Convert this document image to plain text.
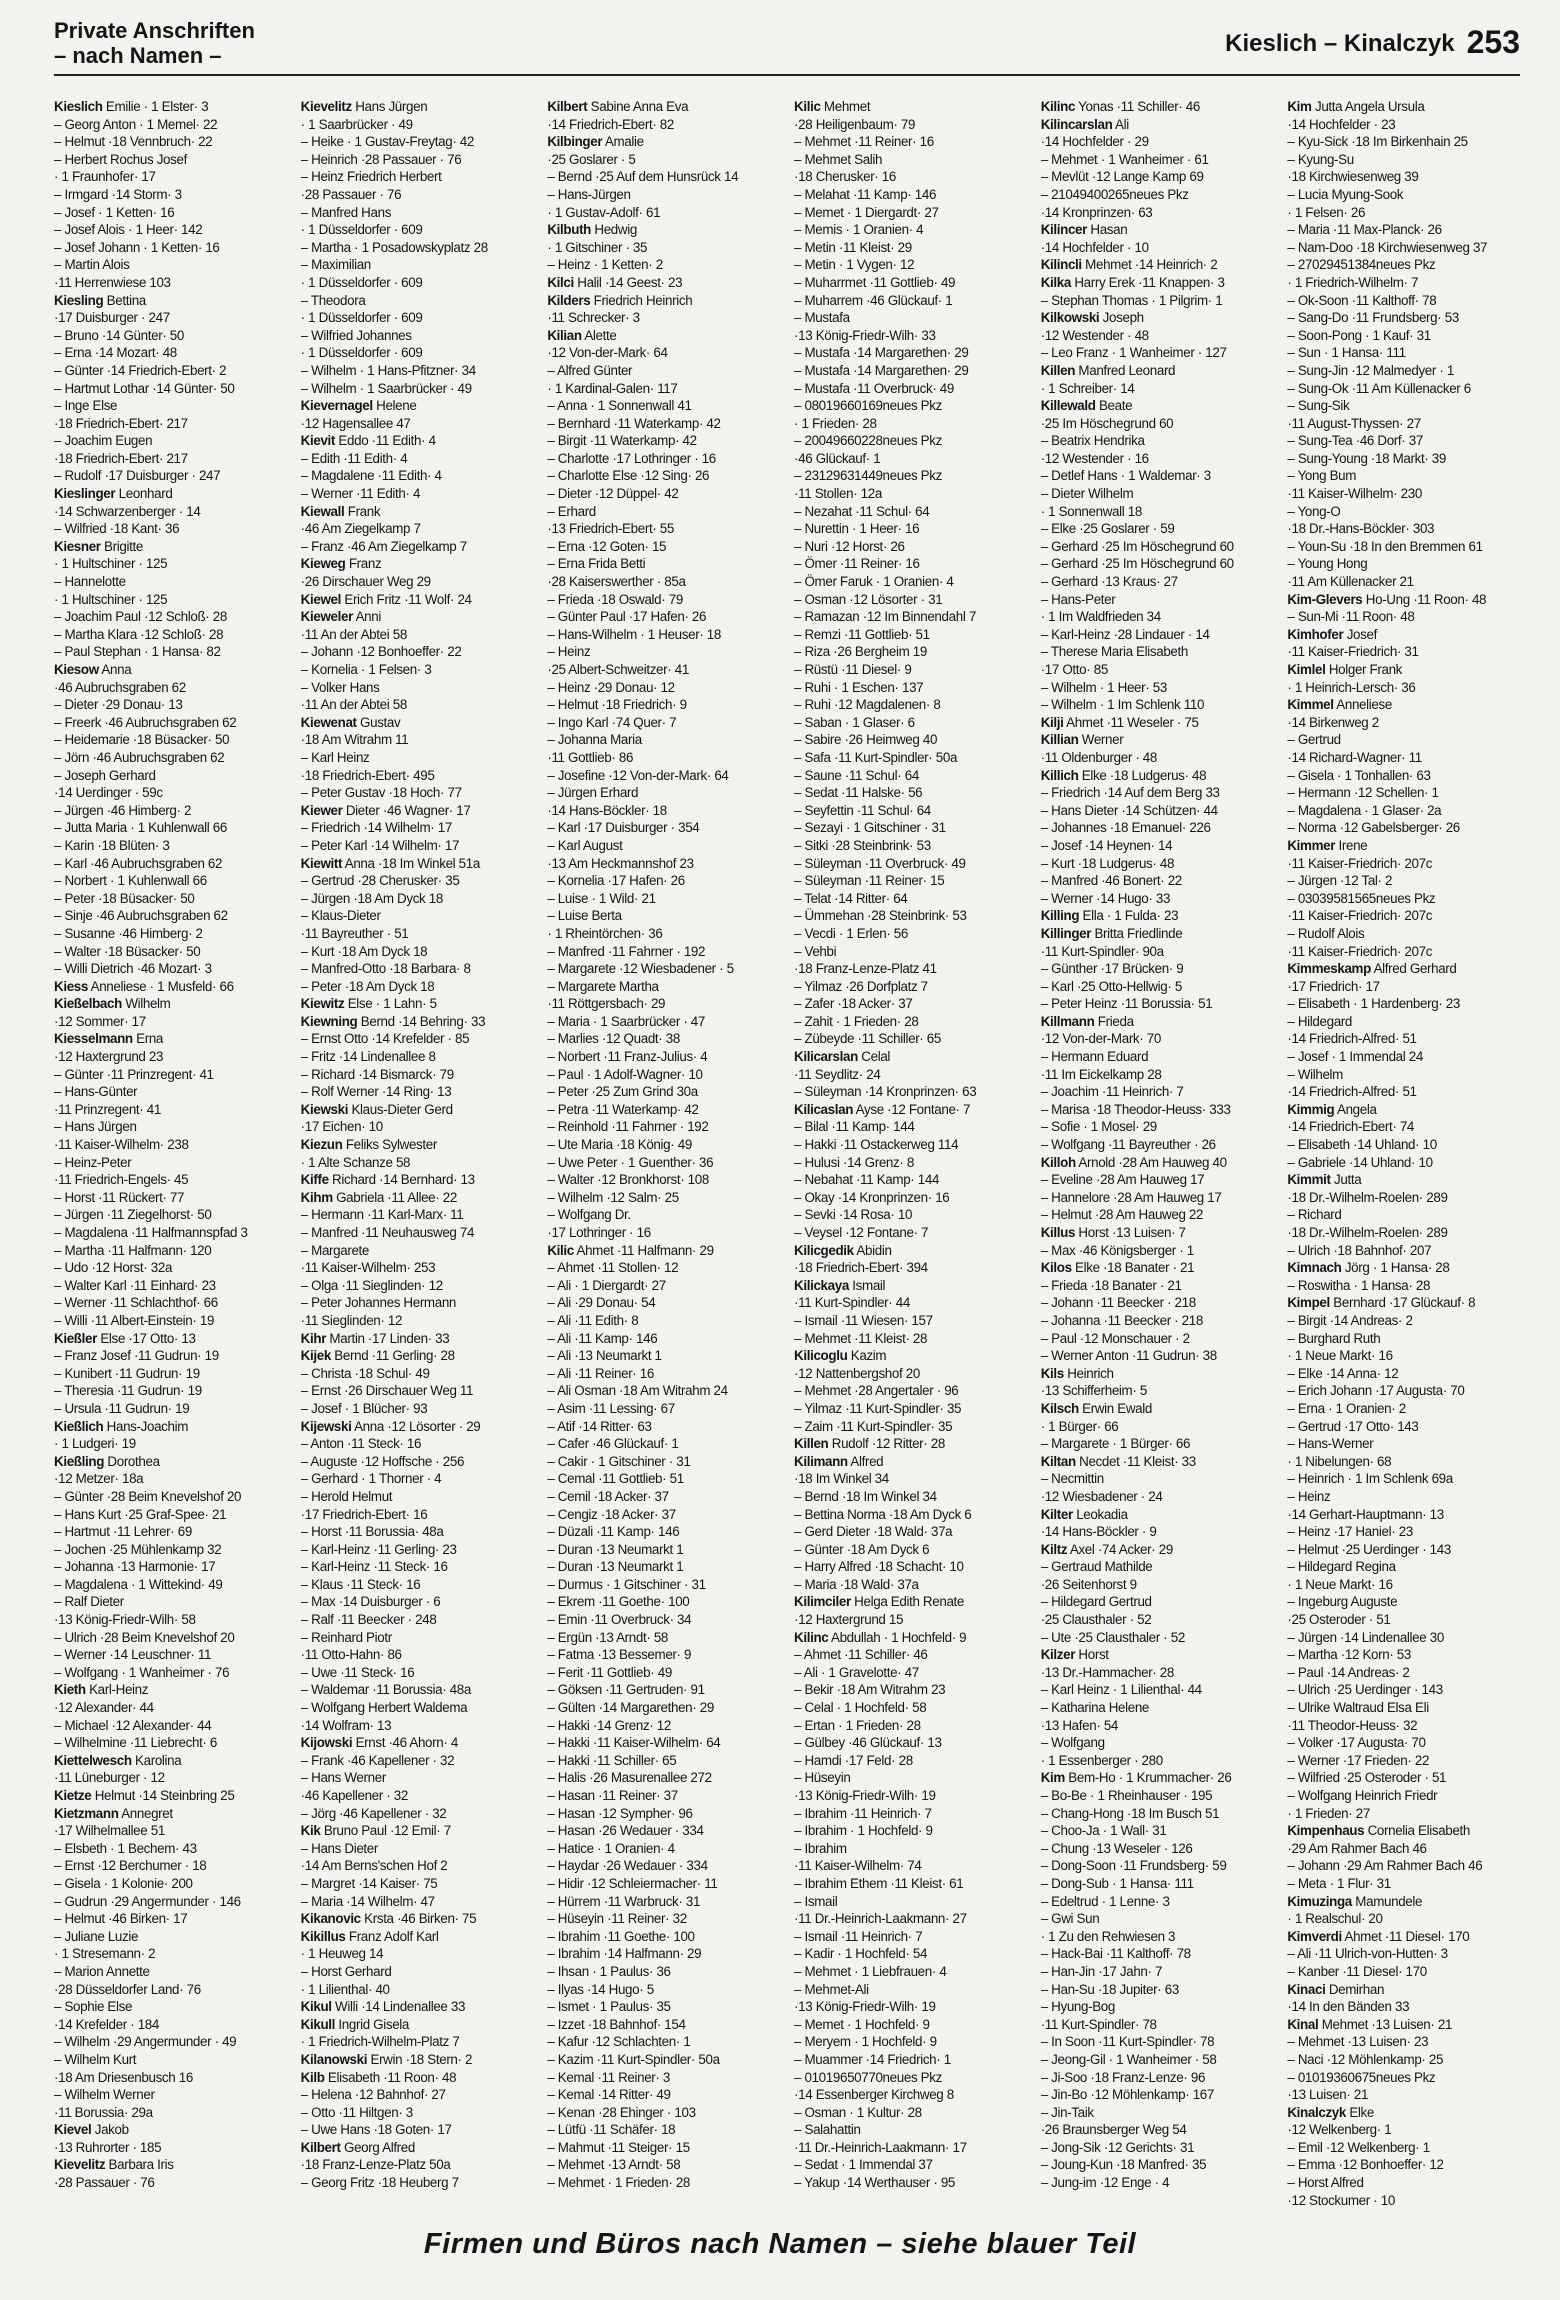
Private Anschriften
– nach Namen –	Kieslich – Kinalczyk 253
Kieslich Emilie · 1 Elster· 3
– Georg Anton · 1 Memel· 22
– Helmut ·18 Vennbruch· 22
– Herbert Rochus Josef
· 1 Fraunhofer· 17
– Irmgard ·14 Storm· 3
– Josef · 1 Ketten· 16
– Josef Alois · 1 Heer· 142
– Josef Johann · 1 Ketten· 16
– Martin Alois
·11 Herrenwiese 103
Kiesling Bettina
·17 Duisburger · 247
– Bruno ·14 Günter· 50
– Erna ·14 Mozart· 48
– Günter ·14 Friedrich-Ebert· 2
– Hartmut Lothar ·14 Günter· 50
– Inge Else
·18 Friedrich-Ebert· 217
– Joachim Eugen
·18 Friedrich-Ebert· 217
– Rudolf ·17 Duisburger · 247
Kieslinger Leonhard
·14 Schwarzenberger · 14
– Wilfried ·18 Kant· 36
Kiesner Brigitte
· 1 Hultschiner · 125
– Hannelotte
· 1 Hultschiner · 125
– Joachim Paul ·12 Schloß· 28
– Martha Klara ·12 Schloß· 28
– Paul Stephan · 1 Hansa· 82
Kiesow Anna
·46 Aubruchsgraben 62
– Dieter ·29 Donau· 13
– Freerk ·46 Aubruchsgraben 62
– Heidemarie ·18 Büsacker· 50
– Jörn ·46 Aubruchsgraben 62
– Joseph Gerhard
·14 Uerdinger · 59c
– Jürgen ·46 Himberg· 2
– Jutta Maria · 1 Kuhlenwall 66
– Karin ·18 Blüten· 3
– Karl ·46 Aubruchsgraben 62
– Norbert · 1 Kuhlenwall 66
– Peter ·18 Büsacker· 50
– Sinje ·46 Aubruchsgraben 62
– Susanne ·46 Himberg· 2
– Walter ·18 Büsacker· 50
– Willi Dietrich ·46 Mozart· 3
Kiess Anneliese · 1 Musfeld· 66
Kießelbach Wilhelm
·12 Sommer· 17
Kiesselmann Erna
·12 Haxtergrund 23
– Günter ·11 Prinzregent· 41
– Hans-Günter
·11 Prinzregent· 41
– Hans Jürgen
·11 Kaiser-Wilhelm· 238
– Heinz-Peter
·11 Friedrich-Engels· 45
– Horst ·11 Rückert· 77
– Jürgen ·11 Ziegelhorst· 50
– Magdalena ·11 Halfmannspfad 3
– Martha ·11 Halfmann· 120
– Udo ·12 Horst· 32a
– Walter Karl ·11 Einhard· 23
– Werner ·11 Schlachthof· 66
– Willi ·11 Albert-Einstein· 19
Kießler Else ·17 Otto· 13
– Franz Josef ·11 Gudrun· 19
– Kunibert ·11 Gudrun· 19
– Theresia ·11 Gudrun· 19
– Ursula ·11 Gudrun· 19
Kießlich Hans-Joachim
· 1 Ludgeri· 19
Kießling Dorothea
·12 Metzer· 18a
– Günter ·28 Beim Knevelshof 20
– Hans Kurt ·25 Graf-Spee· 21
– Hartmut ·11 Lehrer· 69
– Jochen ·25 Mühlenkamp 32
– Johanna ·13 Harmonie· 17
– Magdalena · 1 Wittekind· 49
– Ralf Dieter
·13 König-Friedr-Wilh· 58
– Ulrich ·28 Beim Knevelshof 20
– Werner ·14 Leuschner· 11
– Wolfgang · 1 Wanheimer · 76
Kieth Karl-Heinz
·12 Alexander· 44
– Michael ·12 Alexander· 44
– Wilhelmine ·11 Liebrecht· 6
Kiettelwesch Karolina
·11 Lüneburger · 12
Kietze Helmut ·14 Steinbring 25
Kietzmann Annegret
·17 Wilhelmallee 51
– Elsbeth · 1 Bechem· 43
– Ernst ·12 Berchumer · 18
– Gisela · 1 Kolonie· 200
– Gudrun ·29 Angermunder · 146
– Helmut ·46 Birken· 17
– Juliane Luzie
· 1 Stresemann· 2
– Marion Annette
·28 Düsseldorfer Land· 76
– Sophie Else
·14 Krefelder · 184
– Wilhelm ·29 Angermunder · 49
– Wilhelm Kurt
·18 Am Driesenbusch 16
– Wilhelm Werner
·11 Borussia· 29a
Kievel Jakob
·13 Ruhrorter · 185
Kievelitz Barbara Iris
·28 Passauer · 76
Kievelitz Hans Jürgen
· 1 Saarbrücker · 49
– Heike · 1 Gustav-Freytag· 42
– Heinrich ·28 Passauer · 76
– Heinz Friedrich Herbert
·28 Passauer · 76
– Manfred Hans
· 1 Düsseldorfer · 609
– Martha · 1 Posadowskyplatz 28
– Maximilian
· 1 Düsseldorfer · 609
– Theodora
· 1 Düsseldorfer · 609
– Wilfried Johannes
· 1 Düsseldorfer · 609
– Wilhelm · 1 Hans-Pfitzner· 34
– Wilhelm · 1 Saarbrücker · 49
Kievernagel Helene
·12 Hagensallee 47
Kievit Eddo ·11 Edith· 4
– Edith ·11 Edith· 4
– Magdalene ·11 Edith· 4
– Werner ·11 Edith· 4
Kiewall Frank
·46 Am Ziegelkamp 7
– Franz ·46 Am Ziegelkamp 7
Kieweg Franz
·26 Dirschauer Weg 29
Kiewel Erich Fritz ·11 Wolf· 24
Kieweler Anni
·11 An der Abtei 58
– Johann ·12 Bonhoeffer· 22
– Kornelia · 1 Felsen· 3
– Volker Hans
·11 An der Abtei 58
Kiewenat Gustav
·18 Am Witrahm 11
– Karl Heinz
·18 Friedrich-Ebert· 495
– Peter Gustav ·18 Hoch· 77
Kiewer Dieter ·46 Wagner· 17
– Friedrich ·14 Wilhelm· 17
– Peter Karl ·14 Wilhelm· 17
Kiewitt Anna ·18 Im Winkel 51a
– Gertrud ·28 Cherusker· 35
– Jürgen ·18 Am Dyck 18
– Klaus-Dieter
·11 Bayreuther · 51
– Kurt ·18 Am Dyck 18
– Manfred-Otto ·18 Barbara· 8
– Peter ·18 Am Dyck 18
Kiewitz Else · 1 Lahn· 5
Kiewning Bernd ·14 Behring· 33
– Ernst Otto ·14 Krefelder · 85
– Fritz ·14 Lindenallee 8
– Richard ·14 Bismarck· 79
– Rolf Werner ·14 Ring· 13
Kiewski Klaus-Dieter Gerd
·17 Eichen· 10
Kiezun Feliks Sylwester
· 1 Alte Schanze 58
Kiffe Richard ·14 Bernhard· 13
Kihm Gabriela ·11 Allee· 22
– Hermann ·11 Karl-Marx· 11
– Manfred ·11 Neuhausweg 74
– Margarete
·11 Kaiser-Wilhelm· 253
– Olga ·11 Sieglinden· 12
– Peter Johannes Hermann
·11 Sieglinden· 12
Kihr Martin ·17 Linden· 33
Kijek Bernd ·11 Gerling· 28
– Christa ·18 Schul· 49
– Ernst ·26 Dirschauer Weg 11
– Josef · 1 Blücher· 93
Kijewski Anna ·12 Lösorter · 29
– Anton ·11 Steck· 16
– Auguste ·12 Hoffsche · 256
– Gerhard · 1 Thorner · 4
– Herold Helmut
·17 Friedrich-Ebert· 16
– Horst ·11 Borussia· 48a
– Karl-Heinz ·11 Gerling· 23
– Karl-Heinz ·11 Steck· 16
– Klaus ·11 Steck· 16
– Max ·14 Duisburger · 6
– Ralf ·11 Beecker · 248
– Reinhard Piotr
·11 Otto-Hahn· 86
– Uwe ·11 Steck· 16
– Waldemar ·11 Borussia· 48a
– Wolfgang Herbert Waldema
·14 Wolfram· 13
Kijowski Ernst ·46 Ahorn· 4
– Frank ·46 Kapellener · 32
– Hans Werner
·46 Kapellener · 32
– Jörg ·46 Kapellener · 32
Kik Bruno Paul ·12 Emil· 7
– Hans Dieter
·14 Am Berns'schen Hof 2
– Margret ·14 Kaiser· 75
– Maria ·14 Wilhelm· 47
Kikanovic Krsta ·46 Birken· 75
Kikillus Franz Adolf Karl
· 1 Heuweg 14
– Horst Gerhard
· 1 Lilienthal· 40
Kikul Willi ·14 Lindenallee 33
Kikull Ingrid Gisela
· 1 Friedrich-Wilhelm-Platz 7
Kilanowski Erwin ·18 Stern· 2
Kilb Elisabeth ·11 Roon· 48
– Helena ·12 Bahnhof· 27
– Otto ·11 Hiltgen· 3
– Uwe Hans ·18 Goten· 17
Kilbert Georg Alfred
·18 Franz-Lenze-Platz 50a
– Georg Fritz ·18 Heuberg 7
Kilbert Sabine Anna Eva
·14 Friedrich-Ebert· 82
Kilbinger Amalie
·25 Goslarer · 5
– Bernd ·25 Auf dem Hunsrück 14
– Hans-Jürgen
· 1 Gustav-Adolf· 61
Kilbuth Hedwig
· 1 Gitschiner · 35
– Heinz · 1 Ketten· 2
Kilci Halil ·14 Geest· 23
Kilders Friedrich Heinrich
·11 Schrecker· 3
Kilian Alette
·12 Von-der-Mark· 64
– Alfred Günter
· 1 Kardinal-Galen· 117
– Anna · 1 Sonnenwall 41
– Bernhard ·11 Waterkamp· 42
– Birgit ·11 Waterkamp· 42
– Charlotte ·17 Lothringer · 16
– Charlotte Else ·12 Sing· 26
– Dieter ·12 Düppel· 42
– Erhard
·13 Friedrich-Ebert· 55
– Erna ·12 Goten· 15
– Erna Frida Betti
·28 Kaiserswerther · 85a
– Frieda ·18 Oswald· 79
– Günter Paul ·17 Hafen· 26
– Hans-Wilhelm · 1 Heuser· 18
– Heinz
·25 Albert-Schweitzer· 41
– Heinz ·29 Donau· 12
– Helmut ·18 Friedrich· 9
– Ingo Karl ·74 Quer· 7
– Johanna Maria
·11 Gottlieb· 86
– Josefine ·12 Von-der-Mark· 64
– Jürgen Erhard
·14 Hans-Böckler· 18
– Karl ·17 Duisburger · 354
– Karl August
·13 Am Heckmannshof 23
– Kornelia ·17 Hafen· 26
– Luise · 1 Wild· 21
– Luise Berta
· 1 Rheintörchen· 36
– Manfred ·11 Fahrner · 192
– Margarete ·12 Wiesbadener · 5
– Margarete Martha
·11 Röttgersbach· 29
– Maria · 1 Saarbrücker · 47
– Marlies ·12 Quadt· 38
– Norbert ·11 Franz-Julius· 4
– Paul · 1 Adolf-Wagner· 10
– Peter ·25 Zum Grind 30a
– Petra ·11 Waterkamp· 42
– Reinhold ·11 Fahrner · 192
– Ute Maria ·18 König· 49
– Uwe Peter · 1 Guenther· 36
– Walter ·12 Bronkhorst· 108
– Wilhelm ·12 Salm· 25
– Wolfgang Dr.
·17 Lothringer · 16
Kilic Ahmet ·11 Halfmann· 29
– Ahmet ·11 Stollen· 12
– Ali · 1 Diergardt· 27
– Ali ·29 Donau· 54
– Ali ·11 Edith· 8
– Ali ·11 Kamp· 146
– Ali ·13 Neumarkt 1
– Ali ·11 Reiner· 16
– Ali Osman ·18 Am Witrahm 24
– Asim ·11 Lessing· 67
– Atif ·14 Ritter· 63
– Cafer ·46 Glückauf· 1
– Cakir · 1 Gitschiner · 31
– Cemal ·11 Gottlieb· 51
– Cemil ·18 Acker· 37
– Cengiz ·18 Acker· 37
– Düzali ·11 Kamp· 146
– Duran ·13 Neumarkt 1
– Duran ·13 Neumarkt 1
– Durmus · 1 Gitschiner · 31
– Ekrem ·11 Goethe· 100
– Emin ·11 Overbruck· 34
– Ergün ·13 Arndt· 58
– Fatma ·13 Bessemer· 9
– Ferit ·11 Gottlieb· 49
– Göksen ·11 Gertruden· 91
– Gülten ·14 Margarethen· 29
– Hakki ·14 Grenz· 12
– Hakki ·11 Kaiser-Wilhelm· 64
– Hakki ·11 Schiller· 65
– Halis ·26 Masurenallee 272
– Hasan ·11 Reiner· 37
– Hasan ·12 Sympher· 96
– Hasan ·26 Wedauer · 334
– Hatice · 1 Oranien· 4
– Haydar ·26 Wedauer · 334
– Hidir ·12 Schleiermacher· 11
– Hürrem ·11 Warbruck· 31
– Hüseyin ·11 Reiner· 32
– Ibrahim ·11 Goethe· 100
– Ibrahim ·14 Halfmann· 29
– Ihsan · 1 Paulus· 36
– Ilyas ·14 Hugo· 5
– Ismet · 1 Paulus· 35
– Izzet ·18 Bahnhof· 154
– Kafur ·12 Schlachten· 1
– Kazim ·11 Kurt-Spindler· 50a
– Kemal ·11 Reiner· 3
– Kemal ·14 Ritter· 49
– Kenan ·28 Ehinger · 103
– Lütfü ·11 Schäfer· 18
– Mahmut ·11 Steiger· 15
– Mehmet ·13 Arndt· 58
– Mehmet · 1 Frieden· 28
Kilic Mehmet
·28 Heiligenbaum· 79
– Mehmet ·11 Reiner· 16
– Mehmet Salih
·18 Cherusker· 16
– Melahat ·11 Kamp· 146
– Memet · 1 Diergardt· 27
– Memis · 1 Oranien· 4
– Metin ·11 Kleist· 29
– Metin · 1 Vygen· 12
– Muharrmet ·11 Gottlieb· 49
– Muharrem ·46 Glückauf· 1
– Mustafa
·13 König-Friedr-Wilh· 33
– Mustafa ·14 Margarethen· 29
– Mustafa ·14 Margarethen· 29
– Mustafa ·11 Overbruck· 49
– 08019660169neues Pkz
· 1 Frieden· 28
– 20049660228neues Pkz
·46 Glückauf· 1
– 23129631449neues Pkz
·11 Stollen· 12a
– Nezahat ·11 Schul· 64
– Nurettin · 1 Heer· 16
– Nuri ·12 Horst· 26
– Ömer ·11 Reiner· 16
– Ömer Faruk · 1 Oranien· 4
– Osman ·12 Lösorter · 31
– Ramazan ·12 Im Binnendahl 7
– Remzi ·11 Gottlieb· 51
– Riza ·26 Bergheim 19
– Rüstü ·11 Diesel· 9
– Ruhi · 1 Eschen· 137
– Ruhi ·12 Magdalenen· 8
– Saban · 1 Glaser· 6
– Sabire ·26 Heimweg 40
– Safa ·11 Kurt-Spindler· 50a
– Saune ·11 Schul· 64
– Sedat ·11 Halske· 56
– Seyfettin ·11 Schul· 64
– Sezayi · 1 Gitschiner · 31
– Sitki ·28 Steinbrink· 53
– Süleyman ·11 Overbruck· 49
– Süleyman ·11 Reiner· 15
– Telat ·14 Ritter· 64
– Ümmehan ·28 Steinbrink· 53
– Vecdi · 1 Erlen· 56
– Vehbi
·18 Franz-Lenze-Platz 41
– Yilmaz ·26 Dorfplatz 7
– Zafer ·18 Acker· 37
– Zahit · 1 Frieden· 28
– Zübeyde ·11 Schiller· 65
Kilicarslan Celal
·11 Seydlitz· 24
– Süleyman ·14 Kronprinzen· 63
Kilicaslan Ayse ·12 Fontane· 7
– Bilal ·11 Kamp· 144
– Hakki ·11 Ostackerweg 114
– Hulusi ·14 Grenz· 8
– Nebahat ·11 Kamp· 144
– Okay ·14 Kronprinzen· 16
– Sevki ·14 Rosa· 10
– Veysel ·12 Fontane· 7
Kilicgedik Abidin
·18 Friedrich-Ebert· 394
Kilickaya Ismail
·11 Kurt-Spindler· 44
– Ismail ·11 Wiesen· 157
– Mehmet ·11 Kleist· 28
Kilicoglu Kazim
·12 Nattenbergshof 20
– Mehmet ·28 Angertaler · 96
– Yilmaz ·11 Kurt-Spindler· 35
– Zaim ·11 Kurt-Spindler· 35
Killen Rudolf ·12 Ritter· 28
Kilimann Alfred
·18 Im Winkel 34
– Bernd ·18 Im Winkel 34
– Bettina Norma ·18 Am Dyck 6
– Gerd Dieter ·18 Wald· 37a
– Günter ·18 Am Dyck 6
– Harry Alfred ·18 Schacht· 10
– Maria ·18 Wald· 37a
Kilimciler Helga Edith Renate
·12 Haxtergrund 15
Kilinc Abdullah · 1 Hochfeld· 9
– Ahmet ·11 Schiller· 46
– Ali · 1 Gravelotte· 47
– Bekir ·18 Am Witrahm 23
– Celal · 1 Hochfeld· 58
– Ertan · 1 Frieden· 28
– Gülbey ·46 Glückauf· 13
– Hamdi ·17 Feld· 28
– Hüseyin
·13 König-Friedr-Wilh· 19
– Ibrahim ·11 Heinrich· 7
– Ibrahim · 1 Hochfeld· 9
– Ibrahim
·11 Kaiser-Wilhelm· 74
– Ibrahim Ethem ·11 Kleist· 61
– Ismail
·11 Dr.-Heinrich-Laakmann· 27
– Ismail ·11 Heinrich· 7
– Kadir · 1 Hochfeld· 54
– Mehmet · 1 Liebfrauen· 4
– Mehmet-Ali
·13 König-Friedr-Wilh· 19
– Memet · 1 Hochfeld· 9
– Meryem · 1 Hochfeld· 9
– Muammer ·14 Friedrich· 1
– 01019650770neues Pkz
·14 Essenberger Kirchweg 8
– Osman · 1 Kultur· 28
– Salahattin
·11 Dr.-Heinrich-Laakmann· 17
– Sedat · 1 Immendal 37
– Yakup ·14 Werthauser · 95
Kilinc Yonas ·11 Schiller· 46
Kilincarslan Ali
·14 Hochfelder · 29
– Mehmet · 1 Wanheimer · 61
– Mevlüt ·12 Lange Kamp 69
– 21049400265neues Pkz
·14 Kronprinzen· 63
Kilincer Hasan
·14 Hochfelder · 10
Kilincli Mehmet ·14 Heinrich· 2
Kilka Harry Erek ·11 Knappen· 3
– Stephan Thomas · 1 Pilgrim· 1
Kilkowski Joseph
·12 Westender · 48
– Leo Franz · 1 Wanheimer · 127
Killen Manfred Leonard
· 1 Schreiber· 14
Killewald Beate
·25 Im Höschegrund 60
– Beatrix Hendrika
·12 Westender · 16
– Detlef Hans · 1 Waldemar· 3
– Dieter Wilhelm
· 1 Sonnenwall 18
– Elke ·25 Goslarer · 59
– Gerhard ·25 Im Höschegrund 60
– Gerhard ·25 Im Höschegrund 60
– Gerhard ·13 Kraus· 27
– Hans-Peter
· 1 Im Waldfrieden 34
– Karl-Heinz ·28 Lindauer · 14
– Therese Maria Elisabeth
·17 Otto· 85
– Wilhelm · 1 Heer· 53
– Wilhelm · 1 Im Schlenk 110
Kilji Ahmet ·11 Weseler · 75
Killian Werner
·11 Oldenburger · 48
Killich Elke ·18 Ludgerus· 48
– Friedrich ·14 Auf dem Berg 33
– Hans Dieter ·14 Schützen· 44
– Johannes ·18 Emanuel· 226
– Josef ·14 Heynen· 14
– Kurt ·18 Ludgerus· 48
– Manfred ·46 Bonert· 22
– Werner ·14 Hugo· 33
Killing Ella · 1 Fulda· 23
Killinger Britta Friedlinde
·11 Kurt-Spindler· 90a
– Günther ·17 Brücken· 9
– Karl ·25 Otto-Hellwig· 5
– Peter Heinz ·11 Borussia· 51
Killmann Frieda
·12 Von-der-Mark· 70
– Hermann Eduard
·11 Im Eickelkamp 28
– Joachim ·11 Heinrich· 7
– Marisa ·18 Theodor-Heuss· 333
– Sofie · 1 Mosel· 29
– Wolfgang ·11 Bayreuther · 26
Killoh Arnold ·28 Am Hauweg 40
– Eveline ·28 Am Hauweg 17
– Hannelore ·28 Am Hauweg 17
– Helmut ·28 Am Hauweg 22
Killus Horst ·13 Luisen· 7
– Max ·46 Königsberger · 1
Kilos Elke ·18 Banater · 21
– Frieda ·18 Banater · 21
– Johann ·11 Beecker · 218
– Johanna ·11 Beecker · 218
– Paul ·12 Monschauer · 2
– Werner Anton ·11 Gudrun· 38
Kils Heinrich
·13 Schifferheim· 5
Kilsch Erwin Ewald
· 1 Bürger· 66
– Margarete · 1 Bürger· 66
Kiltan Necdet ·11 Kleist· 33
– Necmittin
·12 Wiesbadener · 24
Kilter Leokadia
·14 Hans-Böckler · 9
Kiltz Axel ·74 Acker· 29
– Gertraud Mathilde
·26 Seitenhorst 9
– Hildegard Gertrud
·25 Clausthaler · 52
– Ute ·25 Clausthaler · 52
Kilzer Horst
·13 Dr.-Hammacher· 28
– Karl Heinz · 1 Lilienthal· 44
– Katharina Helene
·13 Hafen· 54
– Wolfgang
· 1 Essenberger · 280
Kim Bem-Ho · 1 Krummacher· 26
– Bo-Be · 1 Rheinhauser · 195
– Chang-Hong ·18 Im Busch 51
– Choo-Ja · 1 Wall· 31
– Chung ·13 Weseler · 126
– Dong-Soon ·11 Frundsberg· 59
– Dong-Sub · 1 Hansa· 111
– Edeltrud · 1 Lenne· 3
– Gwi Sun
· 1 Zu den Rehwiesen 3
– Hack-Bai ·11 Kalthoff· 78
– Han-Jin ·17 Jahn· 7
– Han-Su ·18 Jupiter· 63
– Hyung-Bog
·11 Kurt-Spindler· 78
– In Soon ·11 Kurt-Spindler· 78
– Jeong-Gil · 1 Wanheimer · 58
– Ji-Soo ·18 Franz-Lenze· 96
– Jin-Bo ·12 Möhlenkamp· 167
– Jin-Taik
·26 Braunsberger Weg 54
– Jong-Sik ·12 Gerichts· 31
– Joung-Kun ·18 Manfred· 35
– Jung-im ·12 Enge · 4
Kim Jutta Angela Ursula
·14 Hochfelder · 23
– Kyu-Sick ·18 Im Birkenhain 25
– Kyung-Su
·18 Kirchwiesenweg 39
– Lucia Myung-Sook
· 1 Felsen· 26
– Maria ·11 Max-Planck· 26
– Nam-Doo ·18 Kirchwiesenweg 37
– 27029451384neues Pkz
· 1 Friedrich-Wilhelm· 7
– Ok-Soon ·11 Kalthoff· 78
– Sang-Do ·11 Frundsberg· 53
– Soon-Pong · 1 Kauf· 31
– Sun · 1 Hansa· 111
– Sung-Jin ·12 Malmedyer · 1
– Sung-Ok ·11 Am Küllenacker 6
– Sung-Sik
·11 August-Thyssen· 27
– Sung-Tea ·46 Dorf· 37
– Sung-Young ·18 Markt· 39
– Yong Bum
·11 Kaiser-Wilhelm· 230
– Yong-O
·18 Dr.-Hans-Böckler· 303
– Youn-Su ·18 In den Bremmen 61
– Young Hong
·11 Am Küllenacker 21
Kim-Glevers Ho-Ung ·11 Roon· 48
– Sun-Mi ·11 Roon· 48
Kimhofer Josef
·11 Kaiser-Friedrich· 31
Kimlel Holger Frank
· 1 Heinrich-Lersch· 36
Kimmel Anneliese
·14 Birkenweg 2
– Gertrud
·14 Richard-Wagner· 11
– Gisela · 1 Tonhallen· 63
– Hermann ·12 Schellen· 1
– Magdalena · 1 Glaser· 2a
– Norma ·12 Gabelsberger· 26
Kimmer Irene
·11 Kaiser-Friedrich· 207c
– Jürgen ·12 Tal· 2
– 03039581565neues Pkz
·11 Kaiser-Friedrich· 207c
– Rudolf Alois
·11 Kaiser-Friedrich· 207c
Kimmeskamp Alfred Gerhard
·17 Friedrich· 17
– Elisabeth · 1 Hardenberg· 23
– Hildegard
·14 Friedrich-Alfred· 51
– Josef · 1 Immendal 24
– Wilhelm
·14 Friedrich-Alfred· 51
Kimmig Angela
·14 Friedrich-Ebert· 74
– Elisabeth ·14 Uhland· 10
– Gabriele ·14 Uhland· 10
Kimmit Jutta
·18 Dr.-Wilhelm-Roelen· 289
– Richard
·18 Dr.-Wilhelm-Roelen· 289
– Ulrich ·18 Bahnhof· 207
Kimnach Jörg · 1 Hansa· 28
– Roswitha · 1 Hansa· 28
Kimpel Bernhard ·17 Glückauf· 8
– Birgit ·14 Andreas· 2
– Burghard Ruth
· 1 Neue Markt· 16
– Elke ·14 Anna· 12
– Erich Johann ·17 Augusta· 70
– Erna · 1 Oranien· 2
– Gertrud ·17 Otto· 143
– Hans-Werner
· 1 Nibelungen· 68
– Heinrich · 1 Im Schlenk 69a
– Heinz
·14 Gerhart-Hauptmann· 13
– Heinz ·17 Haniel· 23
– Helmut ·25 Uerdinger · 143
– Hildegard Regina
· 1 Neue Markt· 16
– Ingeburg Auguste
·25 Osteroder · 51
– Jürgen ·14 Lindenallee 30
– Martha ·12 Korn· 53
– Paul ·14 Andreas· 2
– Ulrich ·25 Uerdinger · 143
– Ulrike Waltraud Elsa Eli
·11 Theodor-Heuss· 32
– Volker ·17 Augusta· 70
– Werner ·17 Frieden· 22
– Wilfried ·25 Osteroder · 51
– Wolfgang Heinrich Friedr
· 1 Frieden· 27
Kimpenhaus Cornelia Elisabeth
·29 Am Rahmer Bach 46
– Johann ·29 Am Rahmer Bach 46
– Meta · 1 Flur· 31
Kimuzinga Mamundele
· 1 Realschul· 20
Kimverdi Ahmet ·11 Diesel· 170
– Ali ·11 Ulrich-von-Hutten· 3
– Kanber ·11 Diesel· 170
Kinaci Demirhan
·14 In den Bänden 33
Kinal Mehmet ·13 Luisen· 21
– Mehmet ·13 Luisen· 23
– Naci ·12 Möhlenkamp· 25
– 01019360675neues Pkz
·13 Luisen· 21
Kinalczyk Elke
·12 Welkenberg· 1
– Emil ·12 Welkenberg· 1
– Emma ·12 Bonhoeffer· 12
– Horst Alfred
·12 Stockumer · 10
Firmen und Büros nach Namen – siehe blauer Teil
